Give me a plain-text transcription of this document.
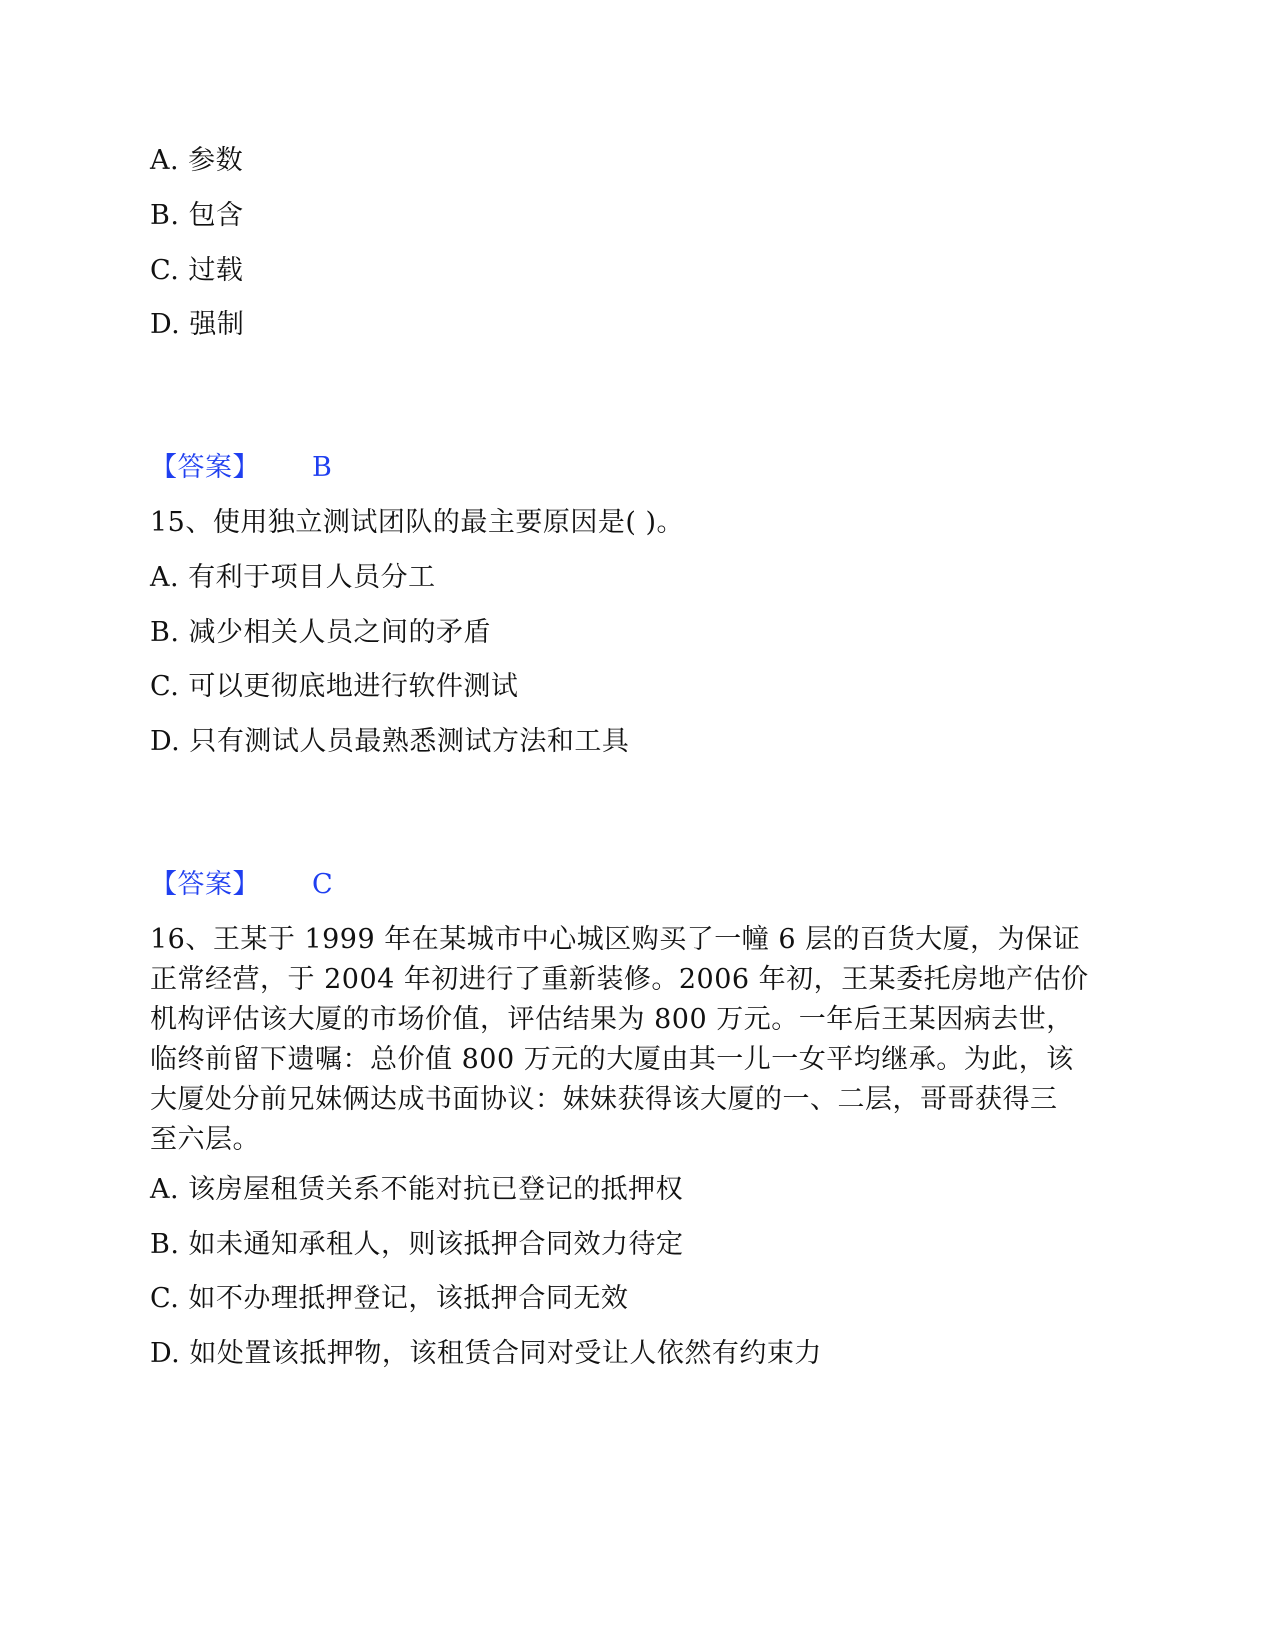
A. 参数
B. 包含
C. 过载
D. 强制
【答案】 B
15、使用独立测试团队的最主要原因是( )。
A. 有利于项目人员分工
B. 减少相关人员之间的矛盾
C. 可以更彻底地进行软件测试
D. 只有测试人员最熟悉测试方法和工具
【答案】 C
16、王某于 1999 年在某城市中心城区购买了一幢 6 层的百货大厦，为保证
正常经营，于 2004 年初进行了重新装修。2006 年初，王某委托房地产估价
机构评估该大厦的市场价值，评估结果为 800 万元。一年后王某因病去世，
临终前留下遗嘱：总价值 800 万元的大厦由其一儿一女平均继承。为此，该
大厦处分前兄妹俩达成书面协议：妹妹获得该大厦的一、二层，哥哥获得三
至六层。
A. 该房屋租赁关系不能对抗已登记的抵押权
B. 如未通知承租人，则该抵押合同效力待定
C. 如不办理抵押登记，该抵押合同无效
D. 如处置该抵押物，该租赁合同对受让人依然有约束力
